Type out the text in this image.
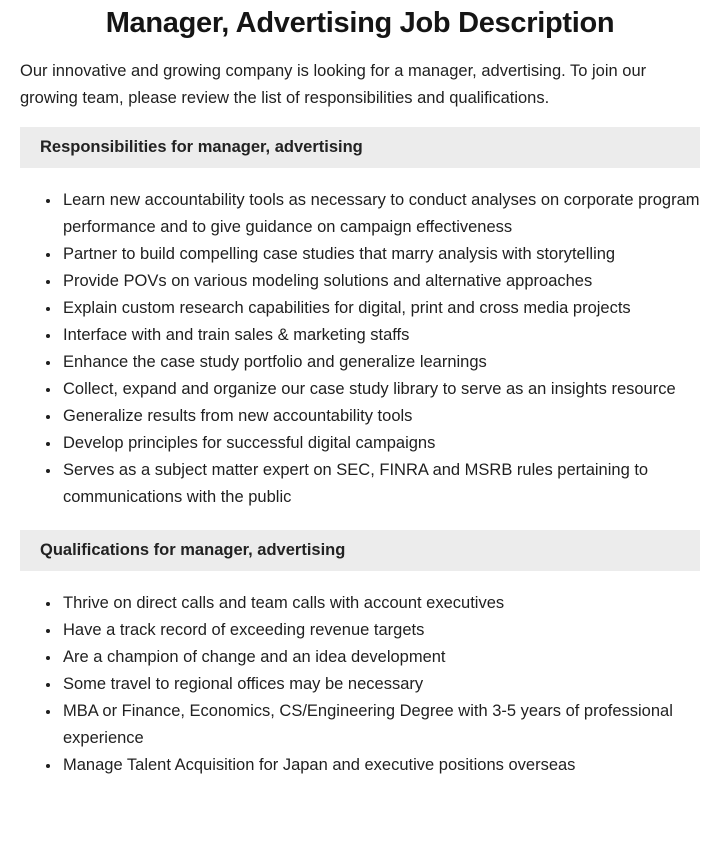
Manager, Advertising Job Description

Our innovative and growing company is looking for a manager, advertising. To join our growing team, please review the list of responsibilities and qualifications.

Responsibilities for manager, advertising
• Learn new accountability tools as necessary to conduct analyses on corporate program performance and to give guidance on campaign effectiveness
• Partner to build compelling case studies that marry analysis with storytelling
• Provide POVs on various modeling solutions and alternative approaches
• Explain custom research capabilities for digital, print and cross media projects
• Interface with and train sales & marketing staffs
• Enhance the case study portfolio and generalize learnings
• Collect, expand and organize our case study library to serve as an insights resource
• Generalize results from new accountability tools
• Develop principles for successful digital campaigns
• Serves as a subject matter expert on SEC, FINRA and MSRB rules pertaining to communications with the public
Qualifications for manager, advertising
• Thrive on direct calls and team calls with account executives
• Have a track record of exceeding revenue targets
• Are a champion of change and an idea development
• Some travel to regional offices may be necessary
• MBA or Finance, Economics, CS/Engineering Degree with 3-5 years of professional experience
• Manage Talent Acquisition for Japan and executive positions overseas
